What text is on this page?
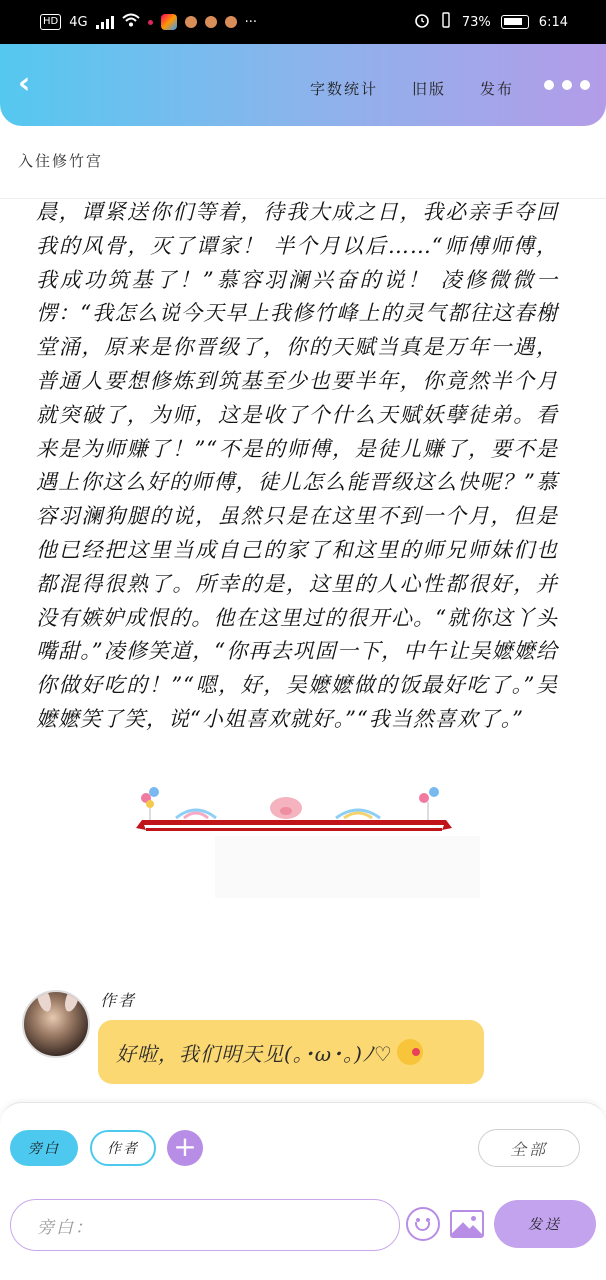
HD 4G	···	73%	6:14
‹	字数统计 旧版 发布
入住修竹宫
晨，谭紧送你们等着，待我大成之日，我必亲手夺回我的风骨，灭了谭家！ 半个月以后……“师傅师傅，我成功筑基了！”慕容羽澜兴奋的说！ 凌修微微一愣：“我怎么说今天早上我修竹峰上的灵气都往这春榭堂涌，原来是你晋级了，你的天赋当真是万年一遇，普通人要想修炼到筑基至少也要半年，你竟然半个月就突破了，为师，这是收了个什么天赋妖孽徒弟。看来是为师赚了！”“不是的师傅，是徒儿赚了，要不是遇上你这么好的师傅，徒儿怎么能晋级这么快呢？”慕容羽澜狗腿的说，虽然只是在这里不到一个月，但是他已经把这里当成自己的家了和这里的师兄师妹们也都混得很熟了。所幸的是，这里的人心性都很好，并没有嫉妒成恨的。他在这里过的很开心。“就你这丫头嘴甜。”凌修笑道，“你再去巩固一下，中午让吴嬷嬷给你做好吃的！”“嗯，好，吴嬷嬷做的饭最好吃了。”吴嬷嬷笑了笑，说“小姐喜欢就好。”“我当然喜欢了。”
作者
好啦，我们明天见(｡･ω･｡)ﾉ♡
旁白	作者	+	全部
旁白：	发送
